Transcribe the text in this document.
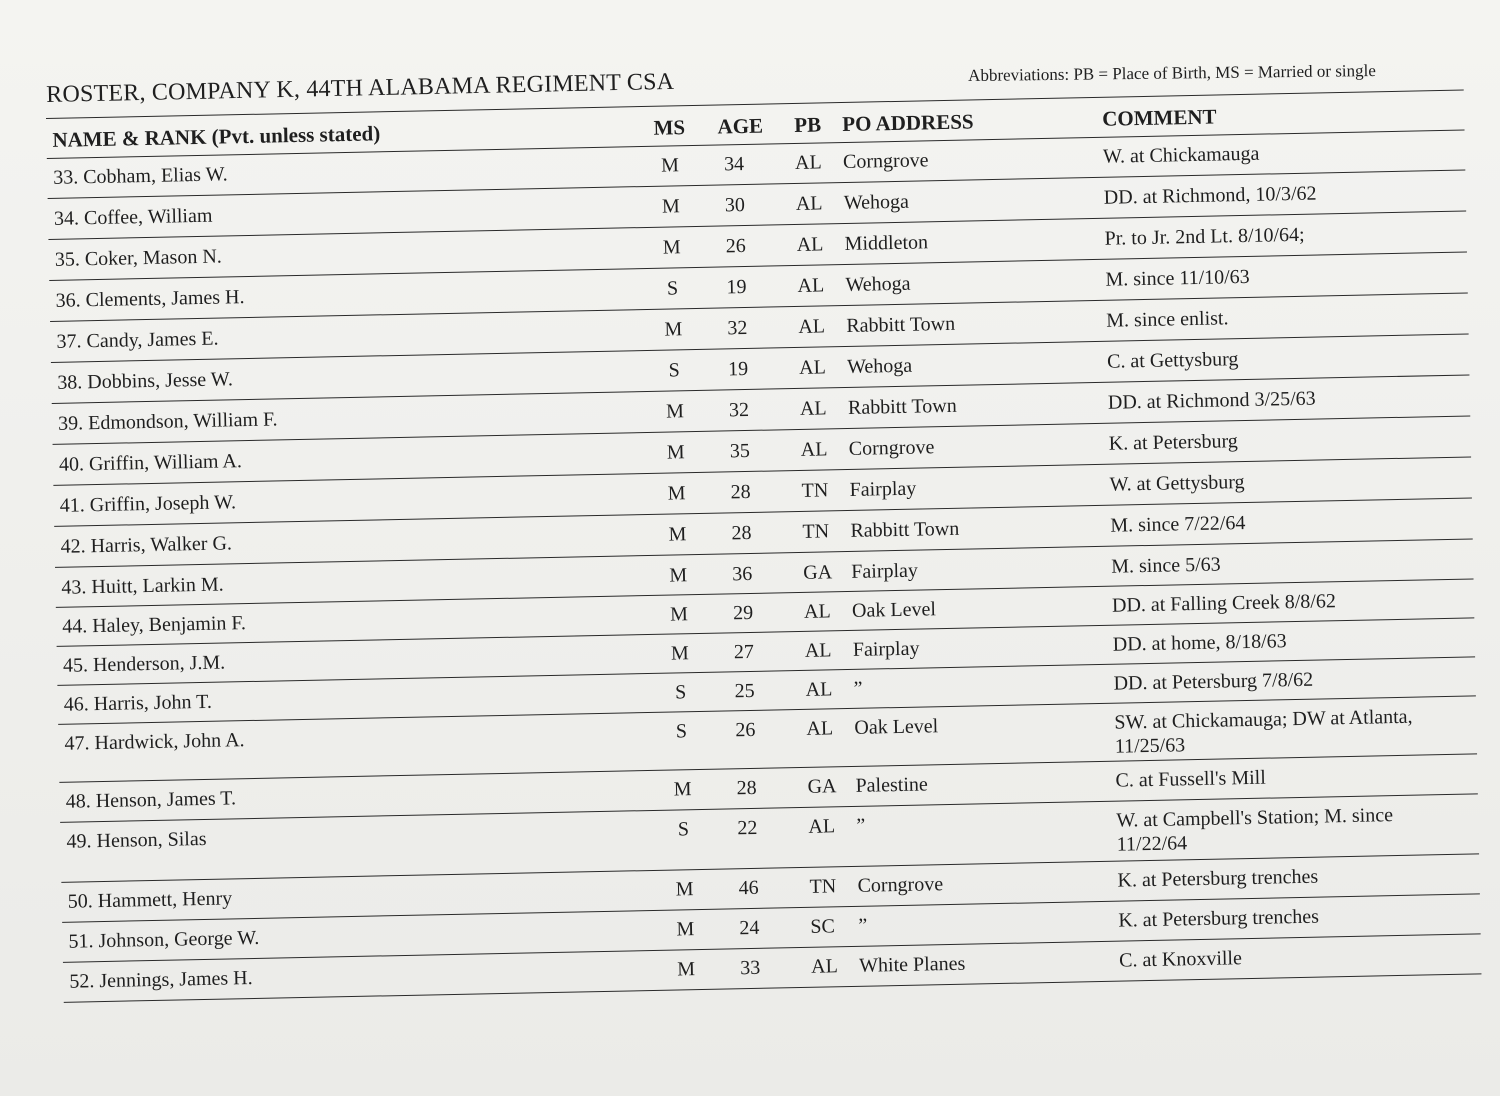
Abbreviations: PB = Place of Birth, MS = Married or single
ROSTER, COMPANY K, 44TH ALABAMA REGIMENT CSA
NAME & RANK (Pvt. unless stated)	MS	AGE	PB PO ADDRESS	COMMENT
33. Cobham, Elias W.	M	34	AL Corngrove	W. at Chickamauga
34. Coffee, William	M	30	AL Wehoga	DD. at Richmond, 10/3/62
35. Coker, Mason N.	M	26	AL Middleton	Pr. to Jr. 2nd Lt. 8/10/64;
36. Clements, James H.	S	19	AL Wehoga	M. since 11/10/63
37. Candy, James E.	M	32	AL Rabbitt Town	M. since enlist.
38. Dobbins, Jesse W.	S	19	AL Wehoga	C. at Gettysburg
39. Edmondson, William F.	M	32	AL Rabbitt Town	DD. at Richmond 3/25/63
40. Griffin, William A.	M	35	AL Corngrove	K. at Petersburg
41. Griffin, Joseph W.	M	28	TN Fairplay	W. at Gettysburg
42. Harris, Walker G.	M	28	TN Rabbitt Town	M. since 7/22/64
43. Huitt, Larkin M.	M	36	GA Fairplay	M. since 5/63
44. Haley, Benjamin F.	M	29	AL Oak Level	DD. at Falling Creek 8/8/62
45. Henderson, J.M.	M	27	AL Fairplay	DD. at home, 8/18/63
46. Harris, John T.	S	25	AL ”	DD. at Petersburg 7/8/62
47. Hardwick, John A.	S	26	AL Oak Level	SW. at Chickamauga; DW at Atlanta, 11/25/63
48. Henson, James T.	M	28	GA Palestine	C. at Fussell's Mill
49. Henson, Silas	S	22	AL ”	W. at Campbell's Station; M. since 11/22/64
50. Hammett, Henry	M	46	TN Corngrove	K. at Petersburg trenches
51. Johnson, George W.	M	24	SC ”	K. at Petersburg trenches
52. Jennings, James H.	M	33	AL White Planes	C. at Knoxville
